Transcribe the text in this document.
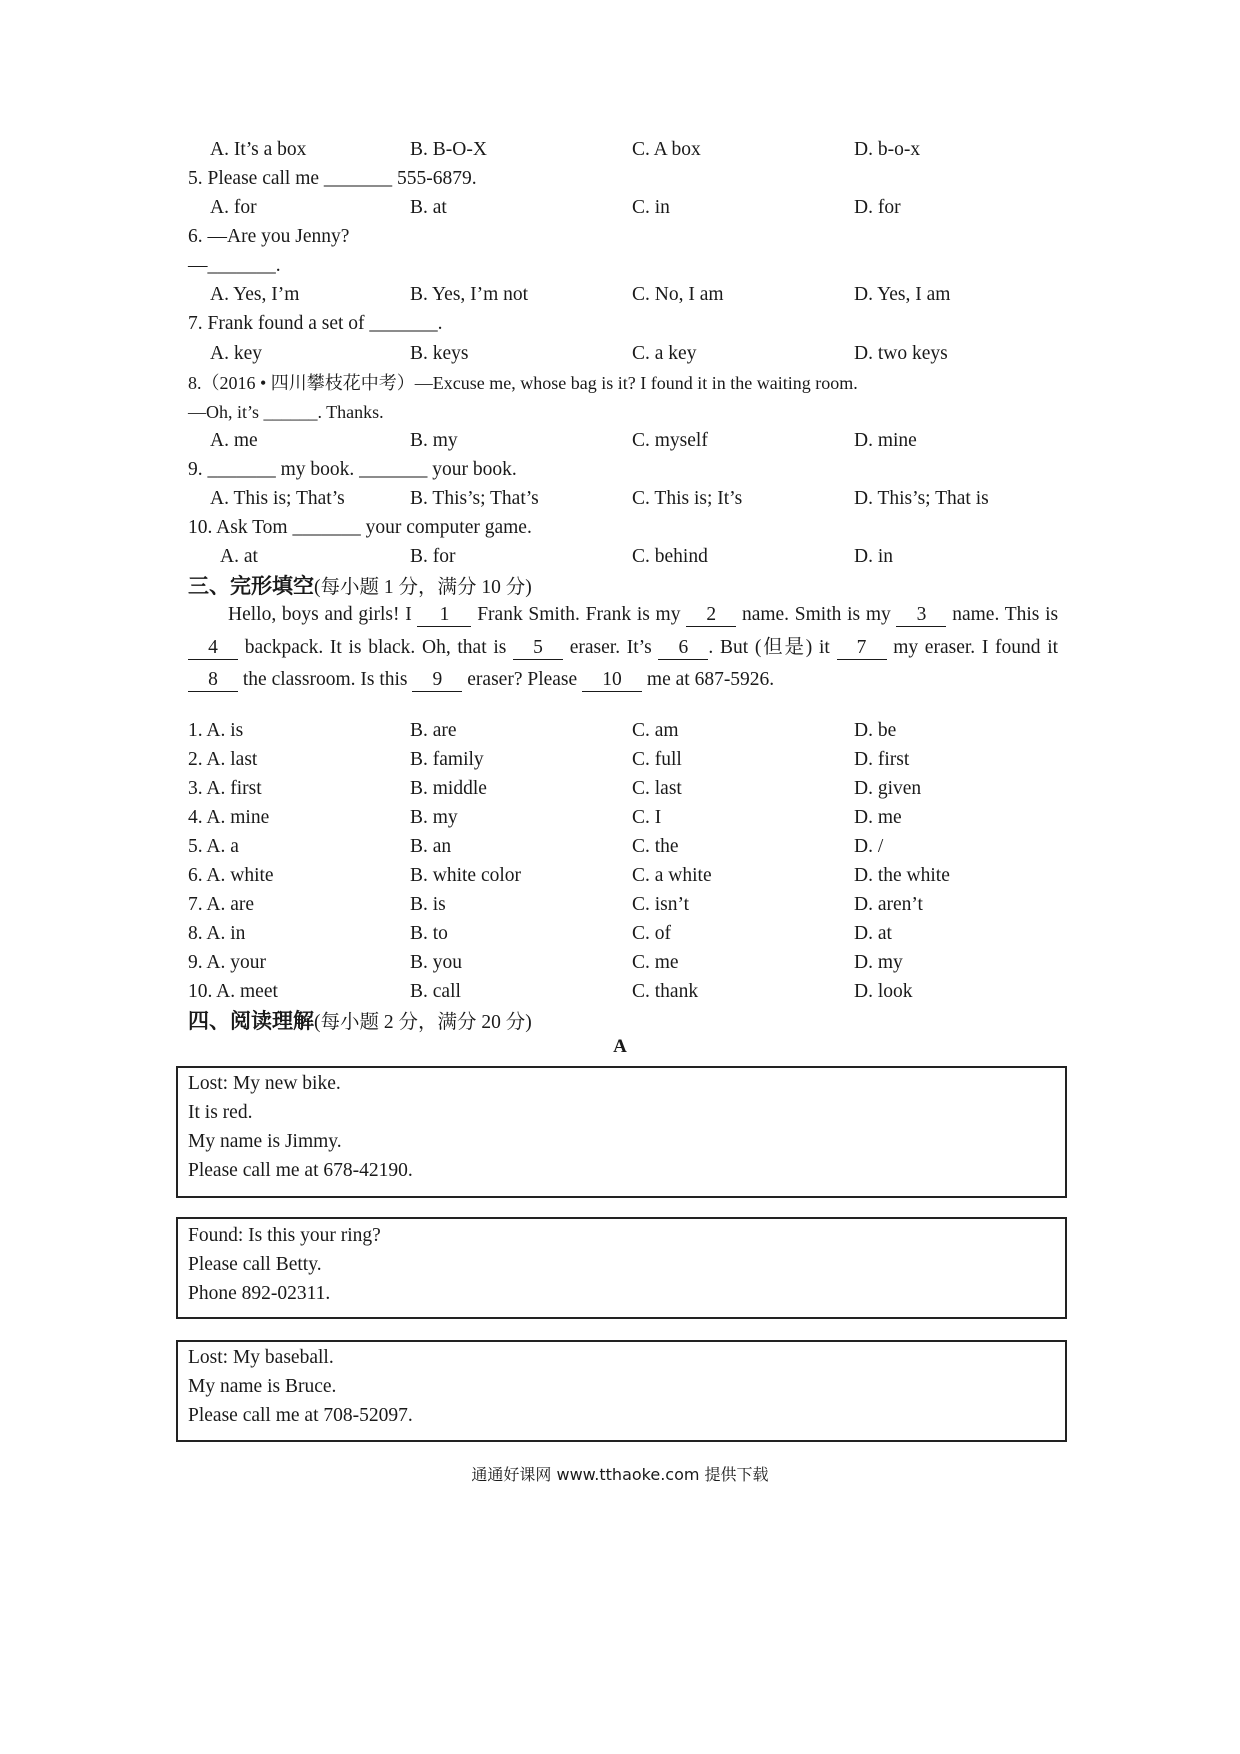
A. It’s a box	B. B-O-X	C. A box	D. b-o-x
5. Please call me _______ 555-6879.
A. for	B. at	C. in	D. for
6. —Are you Jenny?
—_______.
A. Yes, I’m	B. Yes, I’m not	C. No, I am	D. Yes, I am
7. Frank found a set of _______.
A. key	B. keys	C. a key	D. two keys
8.（2016 • 四川攀枝花中考）—Excuse me, whose bag is it? I found it in the waiting room.
—Oh, it’s ______. Thanks.
A. me	B. my	C. myself	D. mine
9. _______ my book. _______ your book.
A. This is; That’s	B. This’s; That’s	C. This is; It’s	D. This’s; That is
10. Ask Tom _______ your computer game.
A. at	B. for	C. behind	D. in
三、完形填空(每小题 1 分，满分 10 分)
Hello, boys and girls! I 1 Frank Smith. Frank is my 2 name. Smith is my 3 name. This is 4 backpack. It is black. Oh, that is 5 eraser. It’s 6 . But (但是) it 7 my eraser. I found it 8 the classroom. Is this 9 eraser? Please 10 me at 687-5926.
1. A. is	B. are	C. am	D. be
2. A. last	B. family	C. full	D. first
3. A. first	B. middle	C. last	D. given
4. A. mine	B. my	C. I	D. me
5. A. a	B. an	C. the	D. /
6. A. white	B. white color	C. a white	D. the white
7. A. are	B. is	C. isn’t	D. aren’t
8. A. in	B. to	C. of	D. at
9. A. your	B. you	C. me	D. my
10. A. meet	B. call	C. thank	D. look
四、阅读理解(每小题 2 分，满分 20 分)
A
Lost: My new bike.
It is red.
My name is Jimmy.
Please call me at 678-42190.
Found: Is this your ring?
Please call Betty.
Phone 892-02311.
Lost: My baseball.
My name is Bruce.
Please call me at 708-52097.
通通好课网 www.tthaoke.com 提供下载
